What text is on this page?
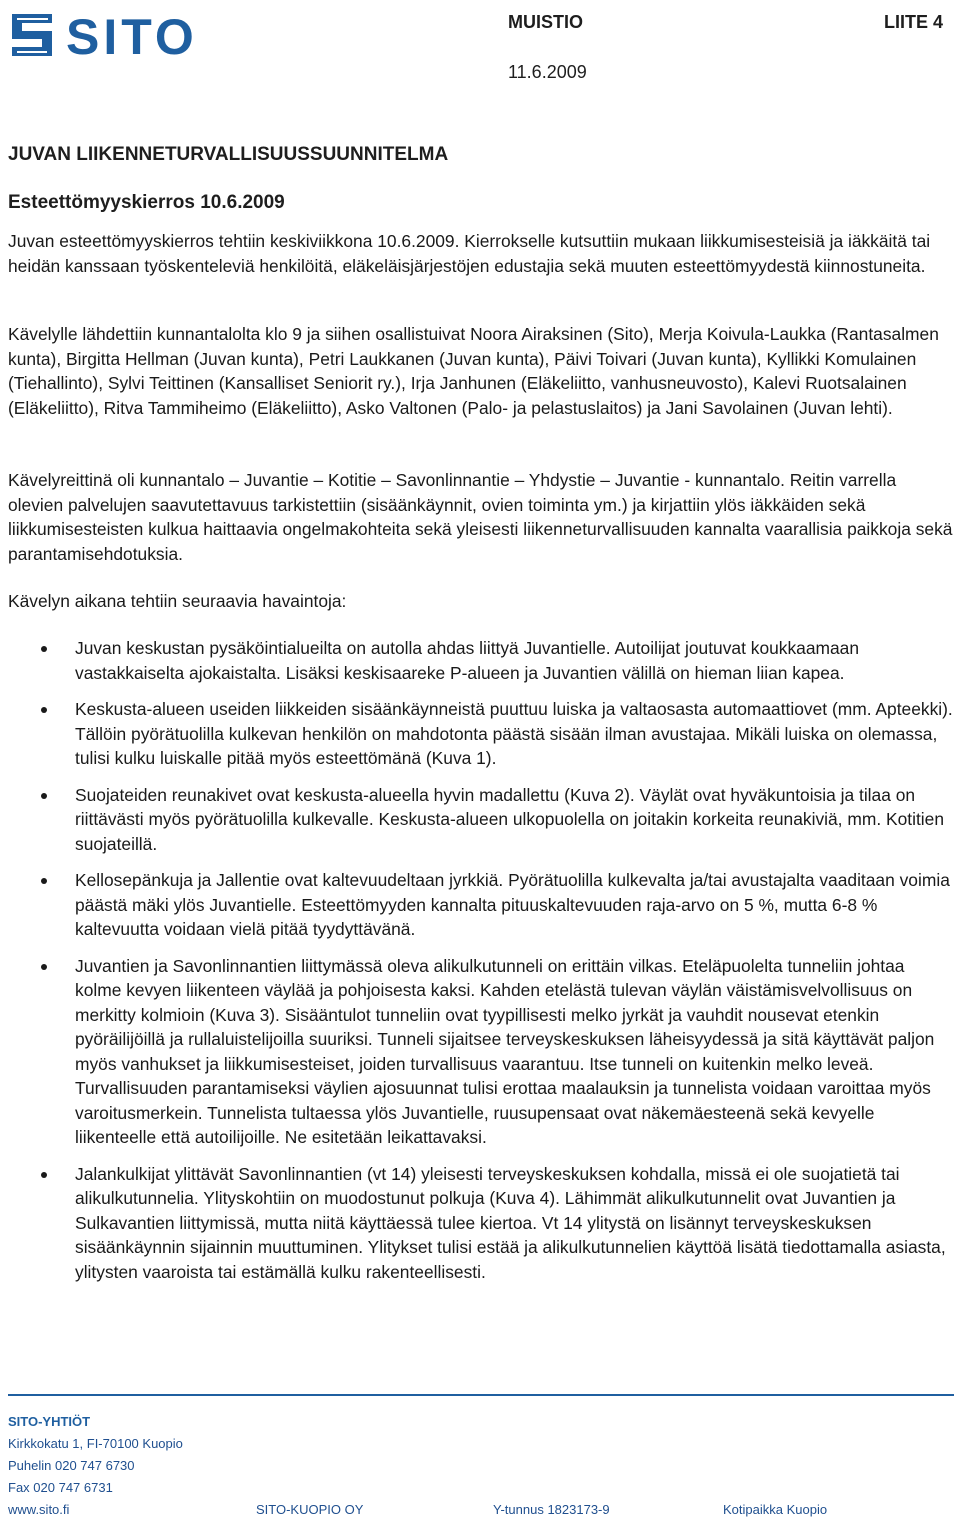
SITO	MUISTIO	LIITE 4
11.6.2009
JUVAN LIIKENNETURVALLISUUSSUUNNITELMA
Esteettömyyskierros 10.6.2009

Juvan esteettömyyskierros tehtiin keskiviikkona 10.6.2009. Kierrokselle kutsuttiin mukaan liikkumisesteisiä ja iäkkäitä tai heidän kanssaan työskenteleviä henkilöitä, eläkeläisjärjestöjen edustajia sekä muuten esteettömyydestä kiinnostuneita.

Kävelylle lähdettiin kunnantalolta klo 9 ja siihen osallistuivat Noora Airaksinen (Sito), Merja Koivula-Laukka (Rantasalmen kunta), Birgitta Hellman (Juvan kunta), Petri Laukkanen (Juvan kunta), Päivi Toivari (Juvan kunta), Kyllikki Komulainen (Tiehallinto), Sylvi Teittinen (Kansalliset Seniorit ry.), Irja Janhunen (Eläkeliitto, vanhusneuvosto), Kalevi Ruotsalainen (Eläkeliitto), Ritva Tammiheimo (Eläkeliitto), Asko Valtonen (Palo- ja pelastuslaitos) ja Jani Savolainen (Juvan lehti).

Kävelyreittinä oli kunnantalo – Juvantie – Kotitie – Savonlinnantie – Yhdystie – Juvantie - kunnantalo. Reitin varrella olevien palvelujen saavutettavuus tarkistettiin (sisäänkäynnit, ovien toiminta ym.) ja kirjattiin ylös iäkkäiden sekä liikkumisesteisten kulkua haittaavia ongelmakohteita sekä yleisesti liikenneturvallisuuden kannalta vaarallisia paikkoja sekä parantamisehdotuksia.

Kävelyn aikana tehtiin seuraavia havaintoja:

Juvan keskustan pysäköintialueilta on autolla ahdas liittyä Juvantielle. Autoilijat joutuvat koukkaamaan vastakkaiselta ajokaistalta. Lisäksi keskisaareke P-alueen ja Juvantien välillä on hieman liian kapea.
Keskusta-alueen useiden liikkeiden sisäänkäynneistä puuttuu luiska ja valtaosasta automaattiovet (mm. Apteekki). Tällöin pyörätuolilla kulkevan henkilön on mahdotonta päästä sisään ilman avustajaa. Mikäli luiska on olemassa, tulisi kulku luiskalle pitää myös esteettömänä (Kuva 1).
Suojateiden reunakivet ovat keskusta-alueella hyvin madallettu (Kuva 2). Väylät ovat hyväkuntoisia ja tilaa on riittävästi myös pyörätuolilla kulkevalle. Keskusta-alueen ulkopuolella on joitakin korkeita reunakiviä, mm. Kotitien suojateillä.
Kellosepänkuja ja Jallentie ovat kaltevuudeltaan jyrkkiä. Pyörätuolilla kulkevalta ja/tai avustajalta vaaditaan voimia päästä mäki ylös Juvantielle. Esteettömyyden kannalta pituuskaltevuuden raja-arvo on 5 %, mutta 6-8 % kaltevuutta voidaan vielä pitää tyydyttävänä.
Juvantien ja Savonlinnantien liittymässä oleva alikulkutunneli on erittäin vilkas. Eteläpuolelta tunneliin johtaa kolme kevyen liikenteen väylää ja pohjoisesta kaksi. Kahden etelästä tulevan väylän väistämisvelvollisuus on merkitty kolmioin (Kuva 3). Sisääntulot tunneliin ovat tyypillisesti melko jyrkät ja vauhdit nousevat etenkin pyöräilijöillä ja rullaluistelijoilla suuriksi. Tunneli sijaitsee terveyskeskuksen läheisyydessä ja sitä käyttävät paljon myös vanhukset ja liikkumisesteiset, joiden turvallisuus vaarantuu. Itse tunneli on kuitenkin melko leveä. Turvallisuuden parantamiseksi väylien ajosuunnat tulisi erottaa maalauksin ja tunnelista voidaan varoittaa myös varoitusmerkein. Tunnelista tultaessa ylös Juvantielle, ruusupensaat ovat näkemäesteenä sekä kevyelle liikenteelle että autoilijoille. Ne esitetään leikattavaksi.
Jalankulkijat ylittävät Savonlinnantien (vt 14) yleisesti terveyskeskuksen kohdalla, missä ei ole suojatietä tai alikulkutunnelia. Ylityskohtiin on muodostunut polkuja (Kuva 4). Lähimmät alikulkutunnelit ovat Juvantien ja Sulkavantien liittymissä, mutta niitä käyttäessä tulee kiertoa. Vt 14 ylitystä on lisännyt terveyskeskuksen sisäänkäynnin sijainnin muuttuminen. Ylitykset tulisi estää ja alikulkutunnelien käyttöä lisätä tiedottamalla asiasta, ylitysten vaaroista tai estämällä kulku rakenteellisesti.
SITO-YHTIÖT
Kirkkokatu 1, FI-70100 Kuopio
Puhelin 020 747 6730
Fax 020 747 6731
www.sito.fi	SITO-KUOPIO OY	Y-tunnus 1823173-9	Kotipaikka Kuopio
